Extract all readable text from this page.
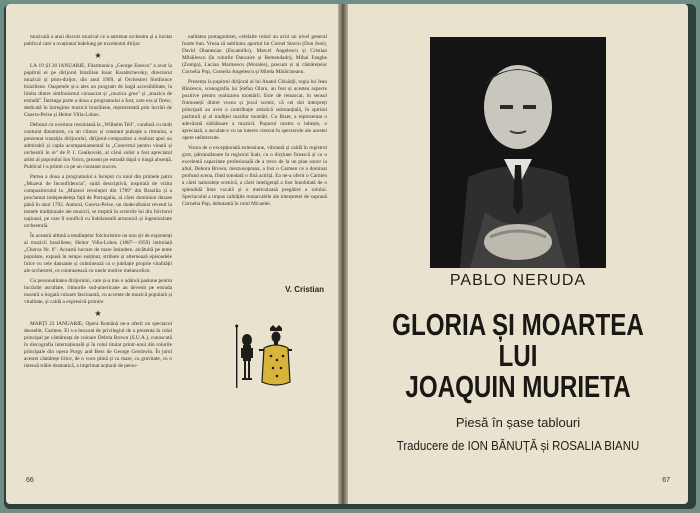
muzicală a unui discurs muzical ce a antrenat orchestra și a incitat publicul care a ovaționat îndelung pe excelentul dirijor.

★

LA 19 ȘI 20 IANUARIE, Filarmonica „George Enescu" a avut la pupitrul ei pe dirijorul brazilian Isaac Karabtchevsky, directorul muzical și prim-dirijor, din anul 1969, al Orchestrei Simfonice braziliene. Oaspetele și-a ales un program de largă accesibilitate, la limita dintre simfonismul consacrat și „muzica grea" și „muzica de estradă". Întreaga parte a doua a programului a fost, care era și firesc, dedicată în întregime muzicii braziliene, reprezentată prin lucrări de Guerra-Peixe și Heitor Villa-Lobos.

Debutul cu uvertura rossiniană la „Wilhelm Tell", condusă cu mult conturat dinamism, cu un climax și constant pulsație a ritmului, a prezentat tranziția dirijorului, dirijorul-compozitor a realizat apoi un admirabil și cupla acompaniamentul la „Concertul pentru vioară și orchestră în re" de P. I. Ceaikovski, al cărui solist a fost apreciatul artist al poporului Ion Voicu, prezent pe estradă după o lungă absență. Publicul l-a primit ca pe un constant succes.

Partea a doua a programului a început cu unul din primele patru „Muzeul de Inconfidencia", suită descriptivă, inspirată de vizita compozitorului la „Muzeul revoluției din 1789" din Brazilia și a proclamat independența față de Portugalia, al cărei dominion durase până în anul 1792. Autorul, Guerra-Peixe, un dodecafonist revenit la temele tradiționale ale muzicii, se inspiră în scrierile lui din folclorul național, pe care îl sonifică cu îndrăzneală armonică și ingeniozitate orchestrală.

În această ultimă a tendințelor folcloristice un nou șir de exponenți ai muzicii braziliene, Heitor Villa-Lobos (1887—1959) intitulată „Choros Nr. 6". Această lucrare de mare întindere, alcătuită pe teme populare, expusă în tempo susținut, stribute și alternează episoadele lirice cu cele dansante și culminează cu o jubilație proprie vitalității ale orchestrei, ce contrastează cu unele motive melancolice.

Cu personalitatea dirijorului, care și-a tras o adâncă pasiune pentru lucrările ascultate, ritmurile sud-americane au devenit pe estrada noastră o bogată culoare fascinantă, cu accente de muzică populară și vitalitate, și caldă a expresivă primire.

★

MARȚI 23 IANUARIE, Opera Română ne-a oferit un spectacol deosebit, Carmen. El s-a bucurat de privilegiul de a prezenta în rolul principal pe cântăreața de culoare Debria Brown (S.U.A.), cunoscută în discografia internațională și în rolul titular printr-unul din rolurile principale din opera Porgy and Bess de George Gershwin. În jurul acestei cântărețe lirice, de o voce plină și ca mare, cu gravitate, cu o intensă trăire dramatică, a imprimat acțiunii de perso-

nalitatea protagonistei, celelalte roluri au avut un nivel general foarte bun. Vreau să subliniez aportul lui Cornel Stavru (Don José), David Ohanesian (Escamillo), Marcel Angelescu și Cristian Mihăilescu (în rolurile Dancaire și Remendado), Mihai Fanghe (Zuniga), Lucian Marinescu (Morales), precum și al cântărețelor Cornelia Pop, Cornelia Angelescu și Mirela Mărăcineanu.

Prezența la pupitrul dirijoral al lui Anatol Chisădji, regia lui Jean Rînzescu, scenografia lui Ștefan Olaru, au fost și acestea aspecte pozitive pentru realizarea montării. Este de remarcat, în sensul frumuseții dintre vocea și jocul scenic, că cei doi interpreți principali au avut o contribuție artistică substanțială, în spiritul partiturii și al tradiției marilor montări. Cu Bizet, a reprezentat o adevărată sărbătoare a muzicii. Poporul nostru o iubește, o apreciază, a ascultat-o cu un interes crescut în spectacole ale acestei opere neîntrecute.

Vocea de o excepțională extensiune, vibrantă și caldă în registrul grav, pătrunzătoare în registrul înalt, cu o dicțiune firească și cu o excelentă capacitate profesională de a trece de la un plan sonor la altul, Debora Brown, mezzosoprana, a fost o Carmen ce a dominat profund scena, fiind totodată o fină actriță. Ea ne-a oferit o Carmen a cărei naturalețe scenică, a cărei inteligență a fost înnobilată de o splendidă linie vocală și o meticuloasă pregătire a rolului. Spectacolul a impus calitățile remarcabile ale interpretei de soprană Cornelia Pop, debutantă în rolul Micaelei.

V. Cristian
66
PABLO NERUDA
GLORIA ȘI MOARTEA
LUI
JOAQUIN MURIETA
Piesă în șase tablouri
Traducere de ION BĂNUȚĂ și ROSALIA BIANU
67
